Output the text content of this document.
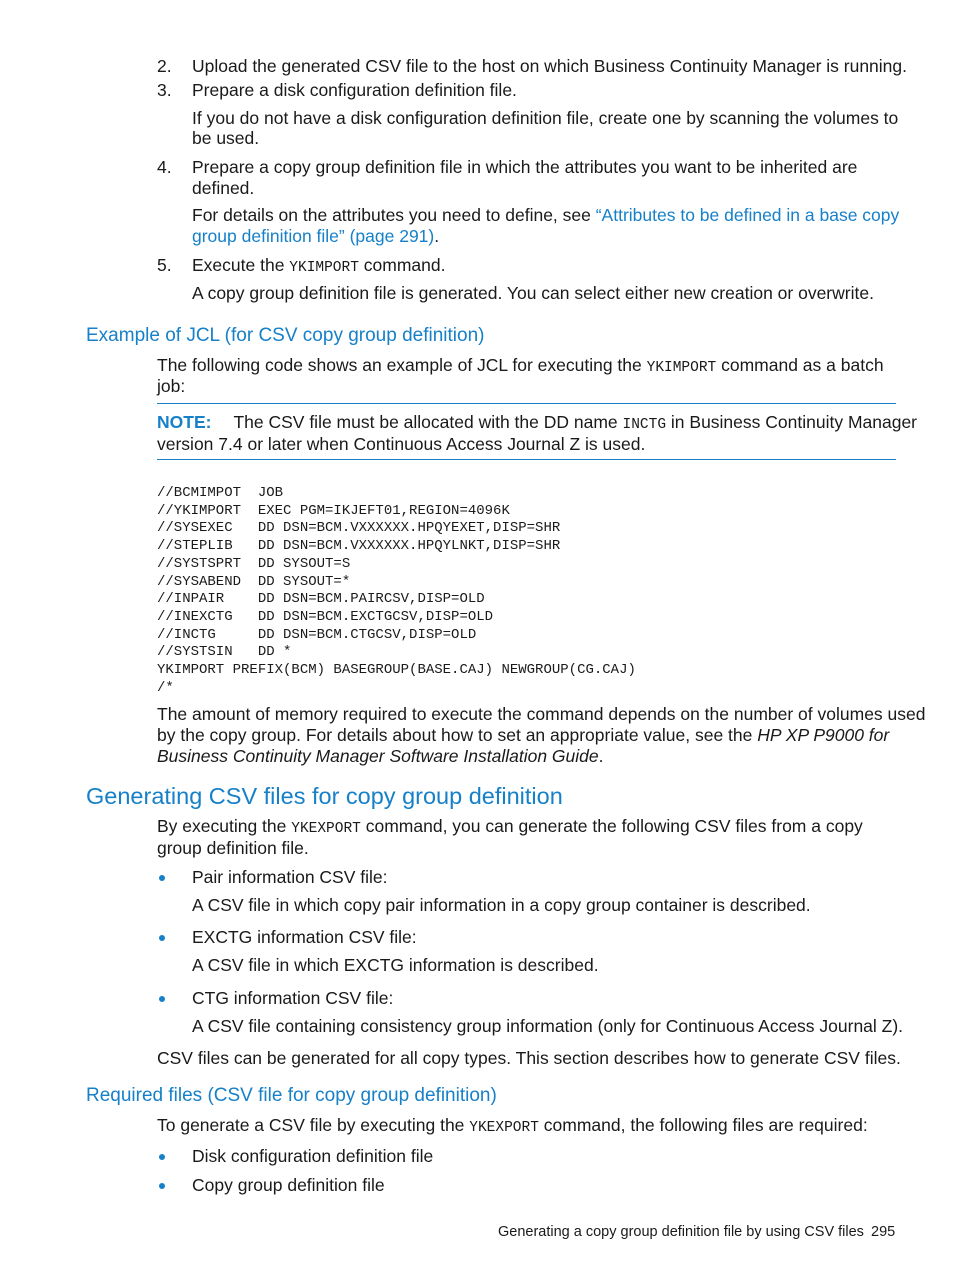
2. Upload the generated CSV file to the host on which Business Continuity Manager is running.
3. Prepare a disk configuration definition file.
If you do not have a disk configuration definition file, create one by scanning the volumes to
be used.
4. Prepare a copy group definition file in which the attributes you want to be inherited are
defined.
For details on the attributes you need to define, see “Attributes to be defined in a base copy
group definition file” (page 291).
5. Execute the YKIMPORT command.
A copy group definition file is generated. You can select either new creation or overwrite.
Example of JCL (for CSV copy group definition)
The following code shows an example of JCL for executing the YKIMPORT command as a batch
job:
NOTE: The CSV file must be allocated with the DD name INCTG in Business Continuity Manager
version 7.4 or later when Continuous Access Journal Z is used.
//BCMIMPOT  JOB
//YKIMPORT  EXEC PGM=IKJEFT01,REGION=4096K
//SYSEXEC   DD DSN=BCM.VXXXXXX.HPQYEXET,DISP=SHR
//STEPLIB   DD DSN=BCM.VXXXXXX.HPQYLNKT,DISP=SHR
//SYSTSPRT  DD SYSOUT=S
//SYSABEND  DD SYSOUT=*
//INPAIR    DD DSN=BCM.PAIRCSV,DISP=OLD
//INEXCTG   DD DSN=BCM.EXCTGCSV,DISP=OLD
//INCTG     DD DSN=BCM.CTGCSV,DISP=OLD
//SYSTSIN   DD *
YKIMPORT PREFIX(BCM) BASEGROUP(BASE.CAJ) NEWGROUP(CG.CAJ)
/*
The amount of memory required to execute the command depends on the number of volumes used
by the copy group. For details about how to set an appropriate value, see the HP XP P9000 for
Business Continuity Manager Software Installation Guide.
Generating CSV files for copy group definition
By executing the YKEXPORT command, you can generate the following CSV files from a copy
group definition file.
Pair information CSV file:
A CSV file in which copy pair information in a copy group container is described.
EXCTG information CSV file:
A CSV file in which EXCTG information is described.
CTG information CSV file:
A CSV file containing consistency group information (only for Continuous Access Journal Z).
CSV files can be generated for all copy types. This section describes how to generate CSV files.
Required files (CSV file for copy group definition)
To generate a CSV file by executing the YKEXPORT command, the following files are required:
Disk configuration definition file
Copy group definition file
Generating a copy group definition file by using CSV files 295
